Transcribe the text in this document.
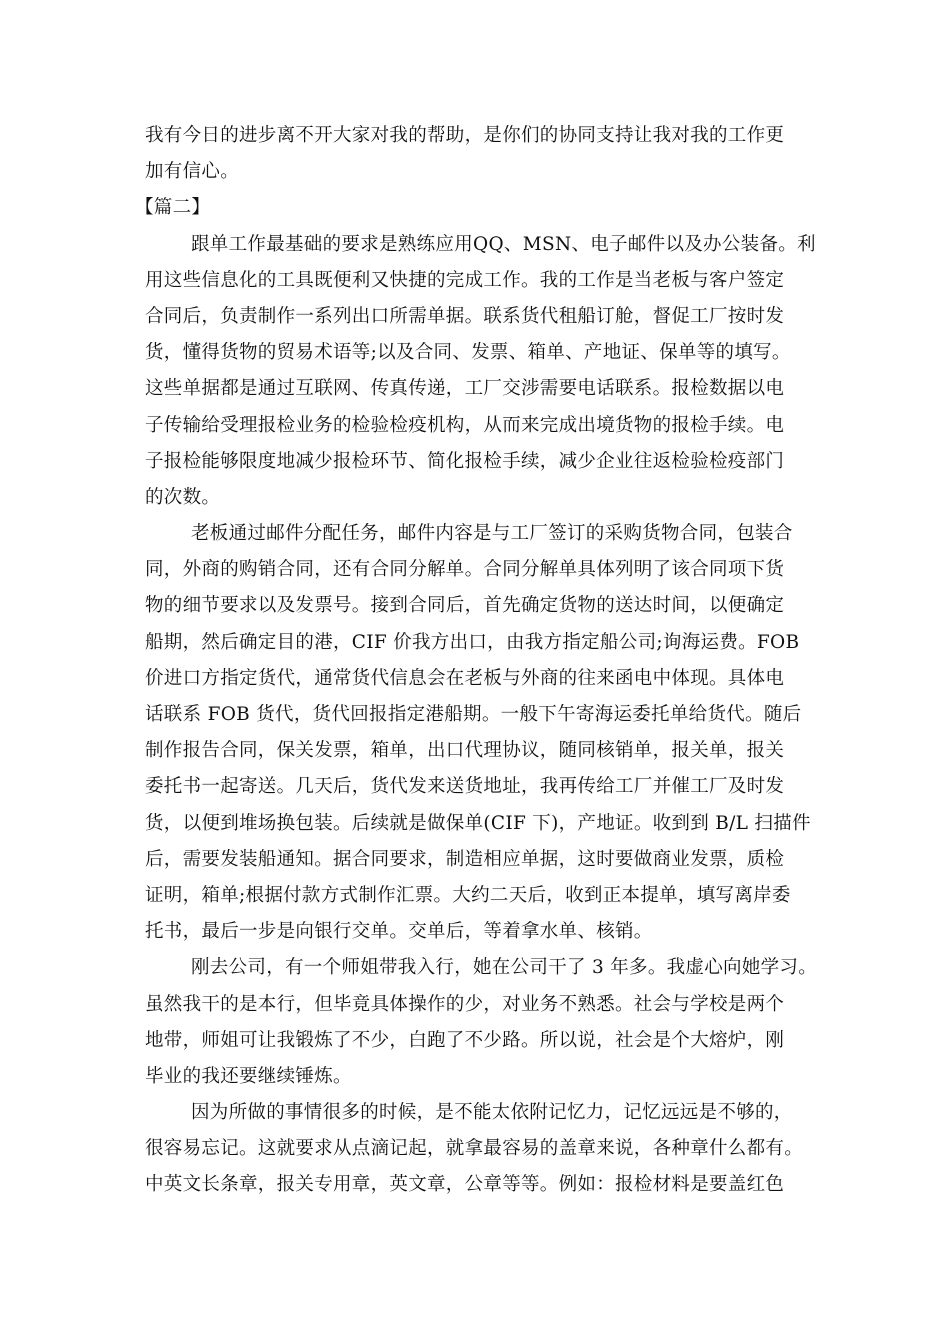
我有今日的进步离不开大家对我的帮助，是你们的协同支持让我对我的工作更
加有信心。
【篇二】
跟单工作最基础的要求是熟练应用QQ、MSN、电子邮件以及办公装备。利
用这些信息化的工具既便利又快捷的完成工作。我的工作是当老板与客户签定
合同后，负责制作一系列出口所需单据。联系货代租船订舱，督促工厂按时发
货，懂得货物的贸易术语等;以及合同、发票、箱单、产地证、保单等的填写。
这些单据都是通过互联网、传真传递，工厂交涉需要电话联系。报检数据以电
子传输给受理报检业务的检验检疫机构，从而来完成出境货物的报检手续。电
子报检能够限度地减少报检环节、简化报检手续，减少企业往返检验检疫部门
的次数。
老板通过邮件分配任务，邮件内容是与工厂签订的采购货物合同，包装合
同，外商的购销合同，还有合同分解单。合同分解单具体列明了该合同项下货
物的细节要求以及发票号。接到合同后，首先确定货物的送达时间，以便确定
船期，然后确定目的港，CIF 价我方出口，由我方指定船公司;询海运费。FOB
价进口方指定货代，通常货代信息会在老板与外商的往来函电中体现。具体电
话联系 FOB 货代，货代回报指定港船期。一般下午寄海运委托单给货代。随后
制作报告合同，保关发票，箱单，出口代理协议，随同核销单，报关单，报关
委托书一起寄送。几天后，货代发来送货地址，我再传给工厂并催工厂及时发
货，以便到堆场换包装。后续就是做保单(CIF 下)，产地证。收到到 B/L 扫描件
后，需要发装船通知。据合同要求，制造相应单据，这时要做商业发票，质检
证明，箱单;根据付款方式制作汇票。大约二天后，收到正本提单，填写离岸委
托书，最后一步是向银行交单。交单后，等着拿水单、核销。
刚去公司，有一个师姐带我入行，她在公司干了 3 年多。我虚心向她学习。
虽然我干的是本行，但毕竟具体操作的少，对业务不熟悉。社会与学校是两个
地带，师姐可让我锻炼了不少，白跑了不少路。所以说，社会是个大熔炉，刚
毕业的我还要继续锤炼。
因为所做的事情很多的时候，是不能太依附记忆力，记忆远远是不够的，
很容易忘记。这就要求从点滴记起，就拿最容易的盖章来说，各种章什么都有。
中英文长条章，报关专用章，英文章，公章等等。例如：报检材料是要盖红色
